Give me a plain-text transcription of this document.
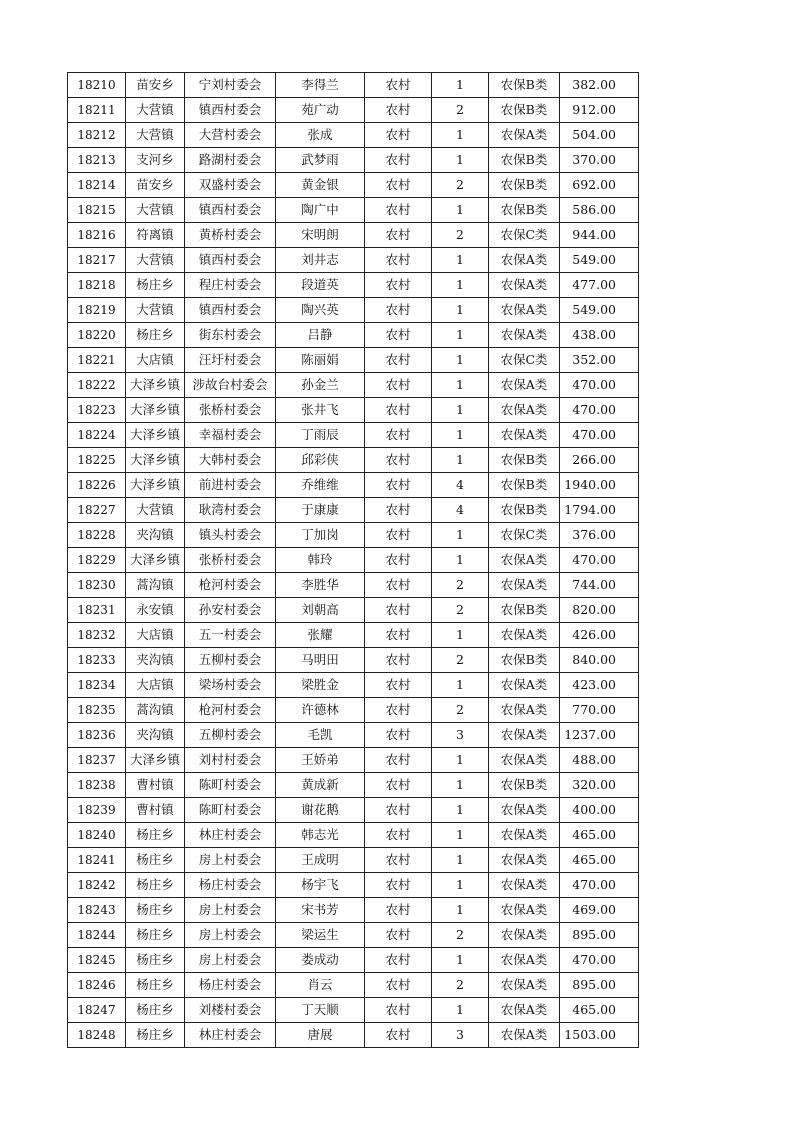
18210	苗安乡	宁刘村委会	李得兰	农村	1	农保B类	382.00
18211	大营镇	镇西村委会	苑广动	农村	2	农保B类	912.00
18212	大营镇	大营村委会	张成	农村	1	农保A类	504.00
18213	支河乡	路湖村委会	武梦雨	农村	1	农保B类	370.00
18214	苗安乡	双盛村委会	黄金银	农村	2	农保B类	692.00
18215	大营镇	镇西村委会	陶广中	农村	1	农保B类	586.00
18216	符离镇	黄桥村委会	宋明朗	农村	2	农保C类	944.00
18217	大营镇	镇西村委会	刘井志	农村	1	农保A类	549.00
18218	杨庄乡	程庄村委会	段道英	农村	1	农保A类	477.00
18219	大营镇	镇西村委会	陶兴英	农村	1	农保A类	549.00
18220	杨庄乡	街东村委会	吕静	农村	1	农保A类	438.00
18221	大店镇	汪圩村委会	陈丽娟	农村	1	农保C类	352.00
18222	大泽乡镇	涉故台村委会	孙金兰	农村	1	农保A类	470.00
18223	大泽乡镇	张桥村委会	张井飞	农村	1	农保A类	470.00
18224	大泽乡镇	幸福村委会	丁雨辰	农村	1	农保A类	470.00
18225	大泽乡镇	大韩村委会	邱彩侠	农村	1	农保B类	266.00
18226	大泽乡镇	前进村委会	乔维维	农村	4	农保B类	1940.00
18227	大营镇	耿湾村委会	于康康	农村	4	农保B类	1794.00
18228	夹沟镇	镇头村委会	丁加岗	农村	1	农保C类	376.00
18229	大泽乡镇	张桥村委会	韩玲	农村	1	农保A类	470.00
18230	蒿沟镇	枪河村委会	李胜华	农村	2	农保A类	744.00
18231	永安镇	孙安村委会	刘朝高	农村	2	农保B类	820.00
18232	大店镇	五一村委会	张耀	农村	1	农保A类	426.00
18233	夹沟镇	五柳村委会	马明田	农村	2	农保B类	840.00
18234	大店镇	梁场村委会	梁胜金	农村	1	农保A类	423.00
18235	蒿沟镇	枪河村委会	许德林	农村	2	农保A类	770.00
18236	夹沟镇	五柳村委会	毛凯	农村	3	农保A类	1237.00
18237	大泽乡镇	刘村村委会	王娇弟	农村	1	农保A类	488.00
18238	曹村镇	陈町村委会	黄成新	农村	1	农保B类	320.00
18239	曹村镇	陈町村委会	谢花鹅	农村	1	农保A类	400.00
18240	杨庄乡	林庄村委会	韩志光	农村	1	农保A类	465.00
18241	杨庄乡	房上村委会	王成明	农村	1	农保A类	465.00
18242	杨庄乡	杨庄村委会	杨宇飞	农村	1	农保A类	470.00
18243	杨庄乡	房上村委会	宋书芳	农村	1	农保A类	469.00
18244	杨庄乡	房上村委会	梁运生	农村	2	农保A类	895.00
18245	杨庄乡	房上村委会	娄成动	农村	1	农保A类	470.00
18246	杨庄乡	杨庄村委会	肖云	农村	2	农保A类	895.00
18247	杨庄乡	刘楼村委会	丁天顺	农村	1	农保A类	465.00
18248	杨庄乡	林庄村委会	唐展	农村	3	农保A类	1503.00
